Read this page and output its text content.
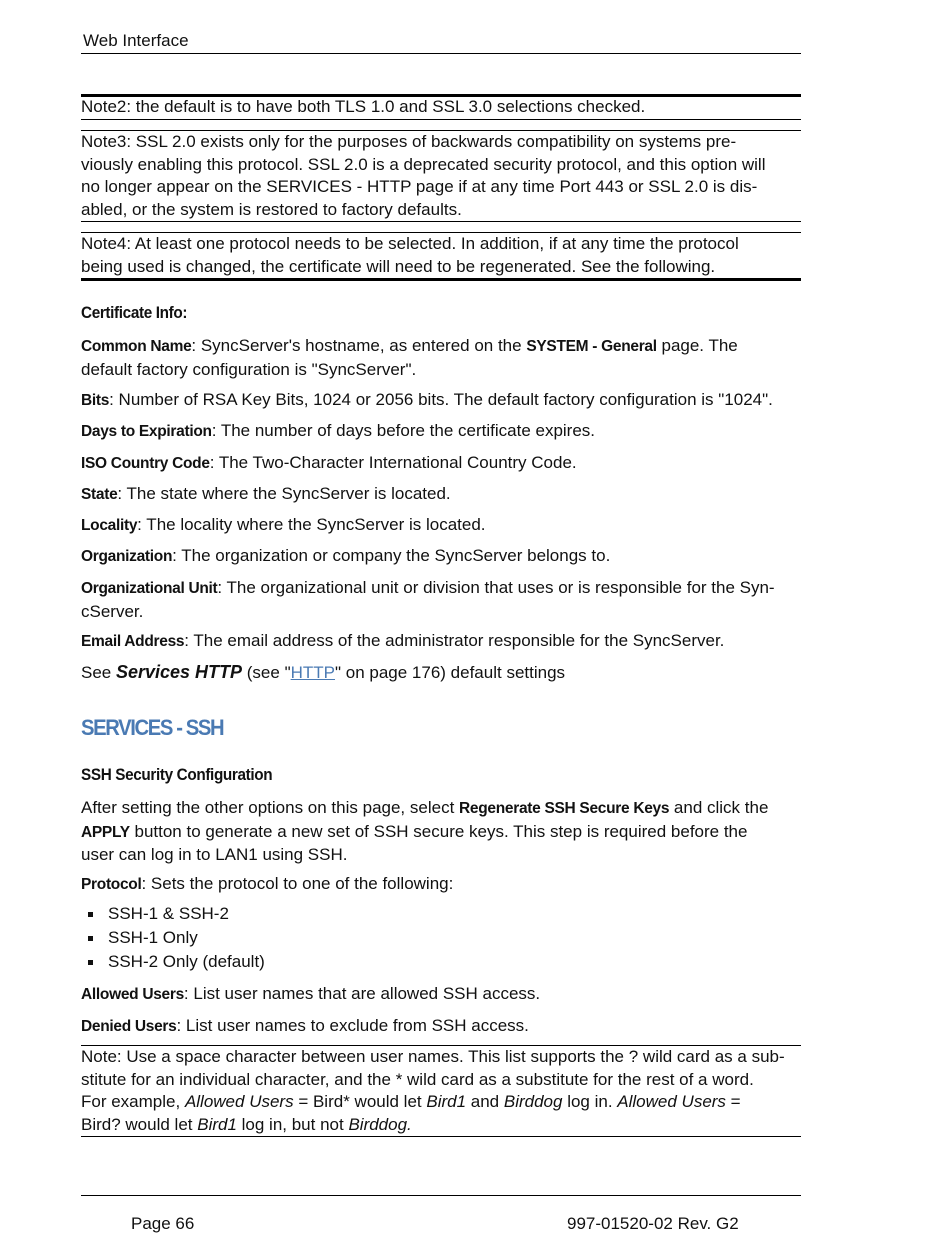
Web Interface
Note2: the default is to have both TLS 1.0 and SSL 3.0 selections checked.
Note3: SSL 2.0 exists only for the purposes of backwards compatibility on systems pre-
viously enabling this protocol. SSL 2.0 is a deprecated security protocol, and this option will
no longer appear on the SERVICES - HTTP page if at any time Port 443 or SSL 2.0 is dis-
abled, or the system is restored to factory defaults.
Note4: At least one protocol needs to be selected. In addition, if at any time the protocol
being used is changed, the certificate will need to be regenerated. See the following.
Certificate Info:
Common Name: SyncServer's hostname, as entered on the SYSTEM - General page. The
default factory configuration is "SyncServer".
Bits: Number of RSA Key Bits, 1024 or 2056 bits. The default factory configuration is "1024".
Days to Expiration: The number of days before the certificate expires.
ISO Country Code: The Two-Character International Country Code.
State: The state where the SyncServer is located.
Locality: The locality where the SyncServer is located.
Organization: The organization or company the SyncServer belongs to.
Organizational Unit: The organizational unit or division that uses or is responsible for the Syn-
cServer.
Email Address: The email address of the administrator responsible for the SyncServer.
See Services HTTP (see "HTTP" on page 176) default settings
SERVICES - SSH
SSH Security Configuration
After setting the other options on this page, select Regenerate SSH Secure Keys and click the
APPLY button to generate a new set of SSH secure keys. This step is required before the
user can log in to LAN1 using SSH.
Protocol: Sets the protocol to one of the following:
SSH-1 & SSH-2
SSH-1 Only
SSH-2 Only (default)
Allowed Users: List user names that are allowed SSH access.
Denied Users: List user names to exclude from SSH access.
Note: Use a space character between user names. This list supports the ? wild card as a sub-
stitute for an individual character, and the * wild card as a substitute for the rest of a word.
For example, Allowed Users = Bird* would let Bird1 and Birddog log in. Allowed Users =
Bird? would let Bird1 log in, but not Birddog.
Page 66	997-01520-02 Rev. G2
